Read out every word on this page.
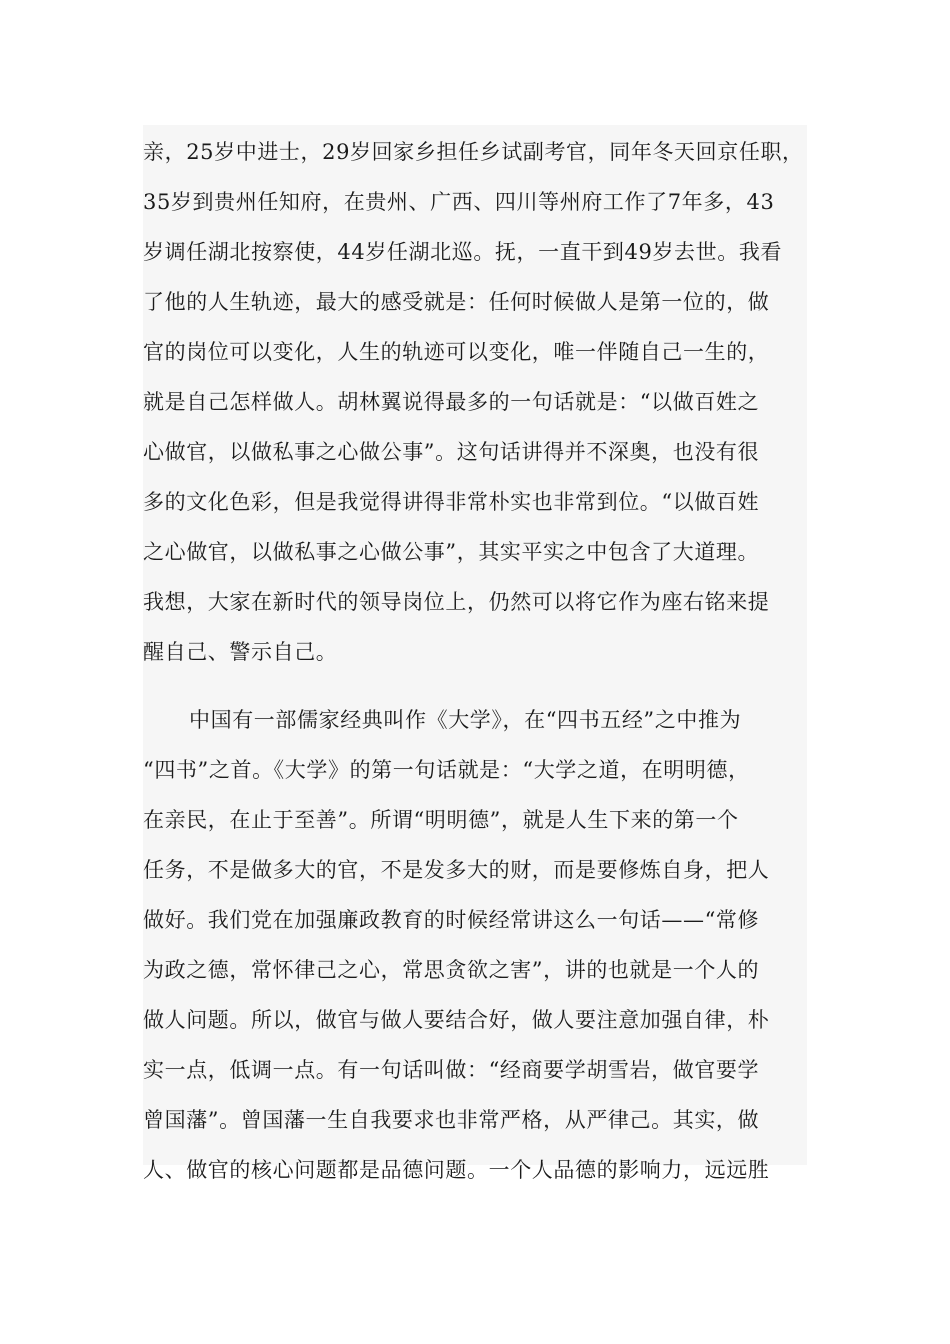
亲，25岁中进士，29岁回家乡担任乡试副考官，同年冬天回京任职，
35岁到贵州任知府，在贵州、广西、四川等州府工作了7年多，43
岁调任湖北按察使，44岁任湖北巡。抚，一直干到49岁去世。我看
了他的人生轨迹，最大的感受就是：任何时候做人是第一位的，做
官的岗位可以变化，人生的轨迹可以变化，唯一伴随自己一生的，
就是自己怎样做人。胡林翼说得最多的一句话就是：“以做百姓之
心做官，以做私事之心做公事”。这句话讲得并不深奥，也没有很
多的文化色彩，但是我觉得讲得非常朴实也非常到位。“以做百姓
之心做官，以做私事之心做公事”，其实平实之中包含了大道理。
我想，大家在新时代的领导岗位上，仍然可以将它作为座右铭来提
醒自己、警示自己。
中国有一部儒家经典叫作《大学》，在“四书五经”之中推为
“四书”之首。《大学》的第一句话就是：“大学之道，在明明德，
在亲民，在止于至善”。所谓“明明德”，就是人生下来的第一个
任务，不是做多大的官，不是发多大的财，而是要修炼自身，把人
做好。我们党在加强廉政教育的时候经常讲这么一句话——“常修
为政之德，常怀律己之心，常思贪欲之害”，讲的也就是一个人的
做人问题。所以，做官与做人要结合好，做人要注意加强自律，朴
实一点，低调一点。有一句话叫做：“经商要学胡雪岩，做官要学
曾国藩”。曾国藩一生自我要求也非常严格，从严律己。其实，做
人、做官的核心问题都是品德问题。一个人品德的影响力，远远胜
